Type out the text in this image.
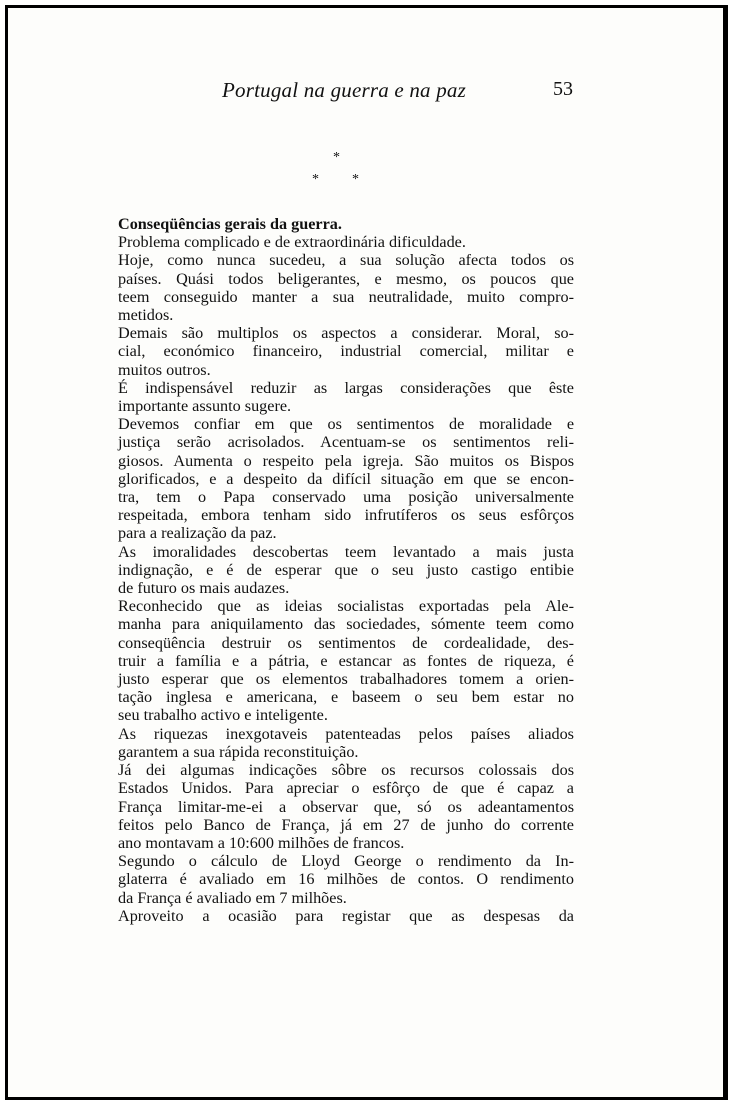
Portugal na guerra e na paz	53
*
* *

Conseqüências gerais da guerra.

Problema complicado e de extraordinária dificuldade.
Hoje, como nunca sucedeu, a sua solução afecta todos os
países. Quási todos beligerantes, e mesmo, os poucos que
teem conseguido manter a sua neutralidade, muito compro-
metidos.
Demais são multiplos os aspectos a considerar. Moral, so-
cial, económico financeiro, industrial comercial, militar e
muitos outros.
É indispensável reduzir as largas considerações que êste
importante assunto sugere.
Devemos confiar em que os sentimentos de moralidade e
justiça serão acrisolados. Acentuam-se os sentimentos reli-
giosos. Aumenta o respeito pela igreja. São muitos os Bispos
glorificados, e a despeito da difícil situação em que se encon-
tra, tem o Papa conservado uma posição universalmente
respeitada, embora tenham sido infrutíferos os seus esfôrços
para a realização da paz.
As imoralidades descobertas teem levantado a mais justa
indignação, e é de esperar que o seu justo castigo entibie
de futuro os mais audazes.
Reconhecido que as ideias socialistas exportadas pela Ale-
manha para aniquilamento das sociedades, sómente teem como
conseqüência destruir os sentimentos de cordealidade, des-
truir a família e a pátria, e estancar as fontes de riqueza, é
justo esperar que os elementos trabalhadores tomem a orien-
tação inglesa e americana, e baseem o seu bem estar no
seu trabalho activo e inteligente.
As riquezas inexgotaveis patenteadas pelos países aliados
garantem a sua rápida reconstituição.
Já dei algumas indicações sôbre os recursos colossais dos
Estados Unidos. Para apreciar o esfôrço de que é capaz a
França limitar-me-ei a observar que, só os adeantamentos
feitos pelo Banco de França, já em 27 de junho do corrente
ano montavam a 10:600 milhões de francos.
Segundo o cálculo de Lloyd George o rendimento da In-
glaterra é avaliado em 16 milhões de contos. O rendimento
da França é avaliado em 7 milhões.
Aproveito a ocasião para registar que as despesas da
